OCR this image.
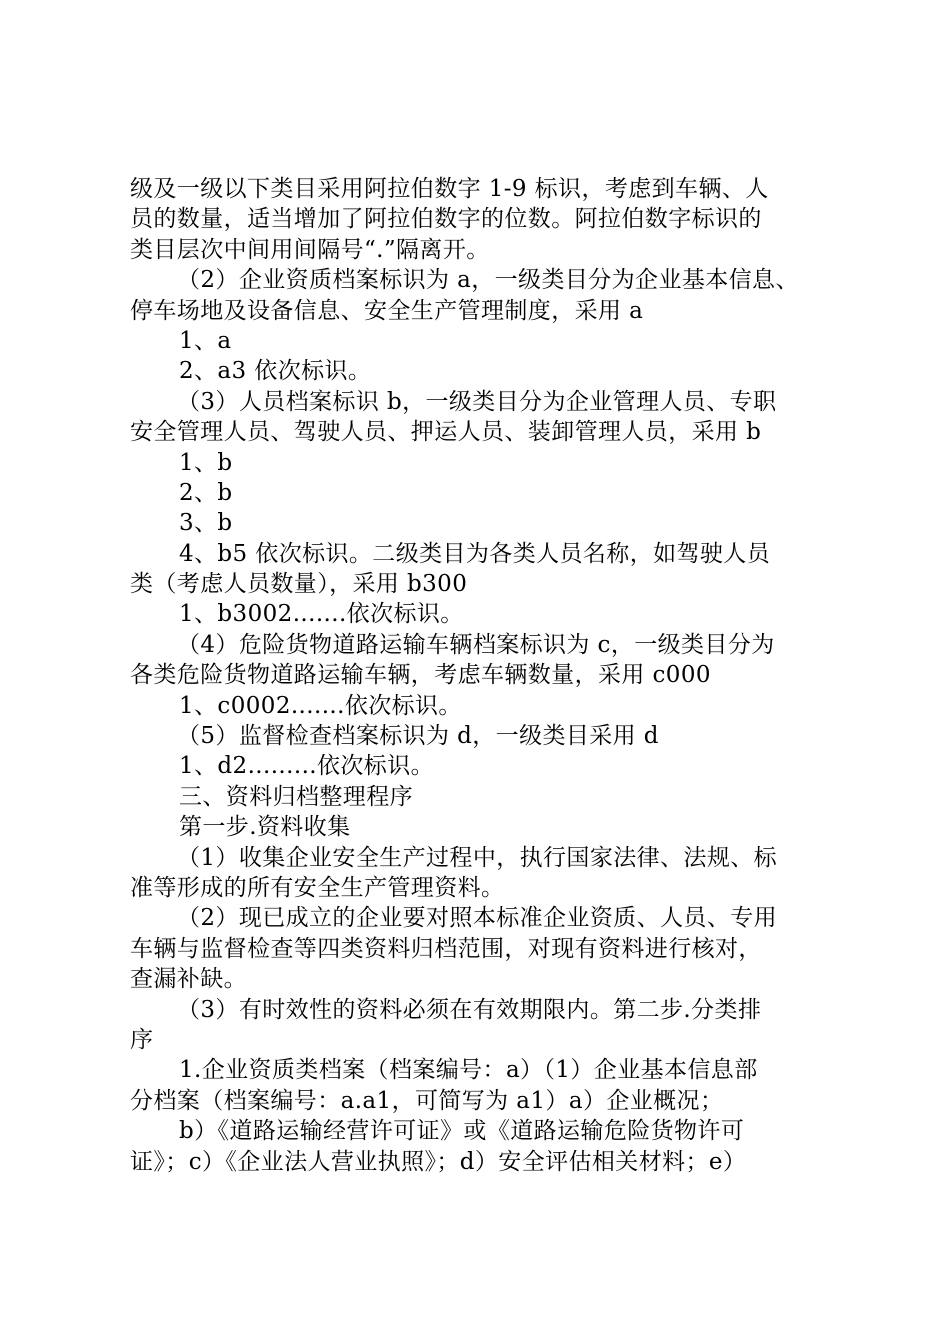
级及一级以下类目采用阿拉伯数字 1-9 标识，考虑到车辆、人
员的数量，适当增加了阿拉伯数字的位数。阿拉伯数字标识的
类目层次中间用间隔号“.”隔离开。
（2）企业资质档案标识为 a，一级类目分为企业基本信息、
停车场地及设备信息、安全生产管理制度，采用 a
1、a
2、a3 依次标识。
（3）人员档案标识 b，一级类目分为企业管理人员、专职
安全管理人员、驾驶人员、押运人员、装卸管理人员，采用 b
1、b
2、b
3、b
4、b5 依次标识。二级类目为各类人员名称，如驾驶人员
类（考虑人员数量），采用 b300
1、b3002.......依次标识。
（4）危险货物道路运输车辆档案标识为 c，一级类目分为
各类危险货物道路运输车辆，考虑车辆数量，采用 c000
1、c0002.......依次标识。
（5）监督检查档案标识为 d，一级类目采用 d
1、d2.........依次标识。
三、资料归档整理程序
第一步.资料收集
（1）收集企业安全生产过程中，执行国家法律、法规、标
准等形成的所有安全生产管理资料。
（2）现已成立的企业要对照本标准企业资质、人员、专用
车辆与监督检查等四类资料归档范围，对现有资料进行核对，
查漏补缺。
（3）有时效性的资料必须在有效期限内。第二步.分类排
序
1.企业资质类档案（档案编号：a）（1）企业基本信息部
分档案（档案编号：a.a1，可简写为 a1）a）企业概况；
b）《道路运输经营许可证》或《道路运输危险货物许可
证》；c）《企业法人营业执照》；d）安全评估相关材料；e）
